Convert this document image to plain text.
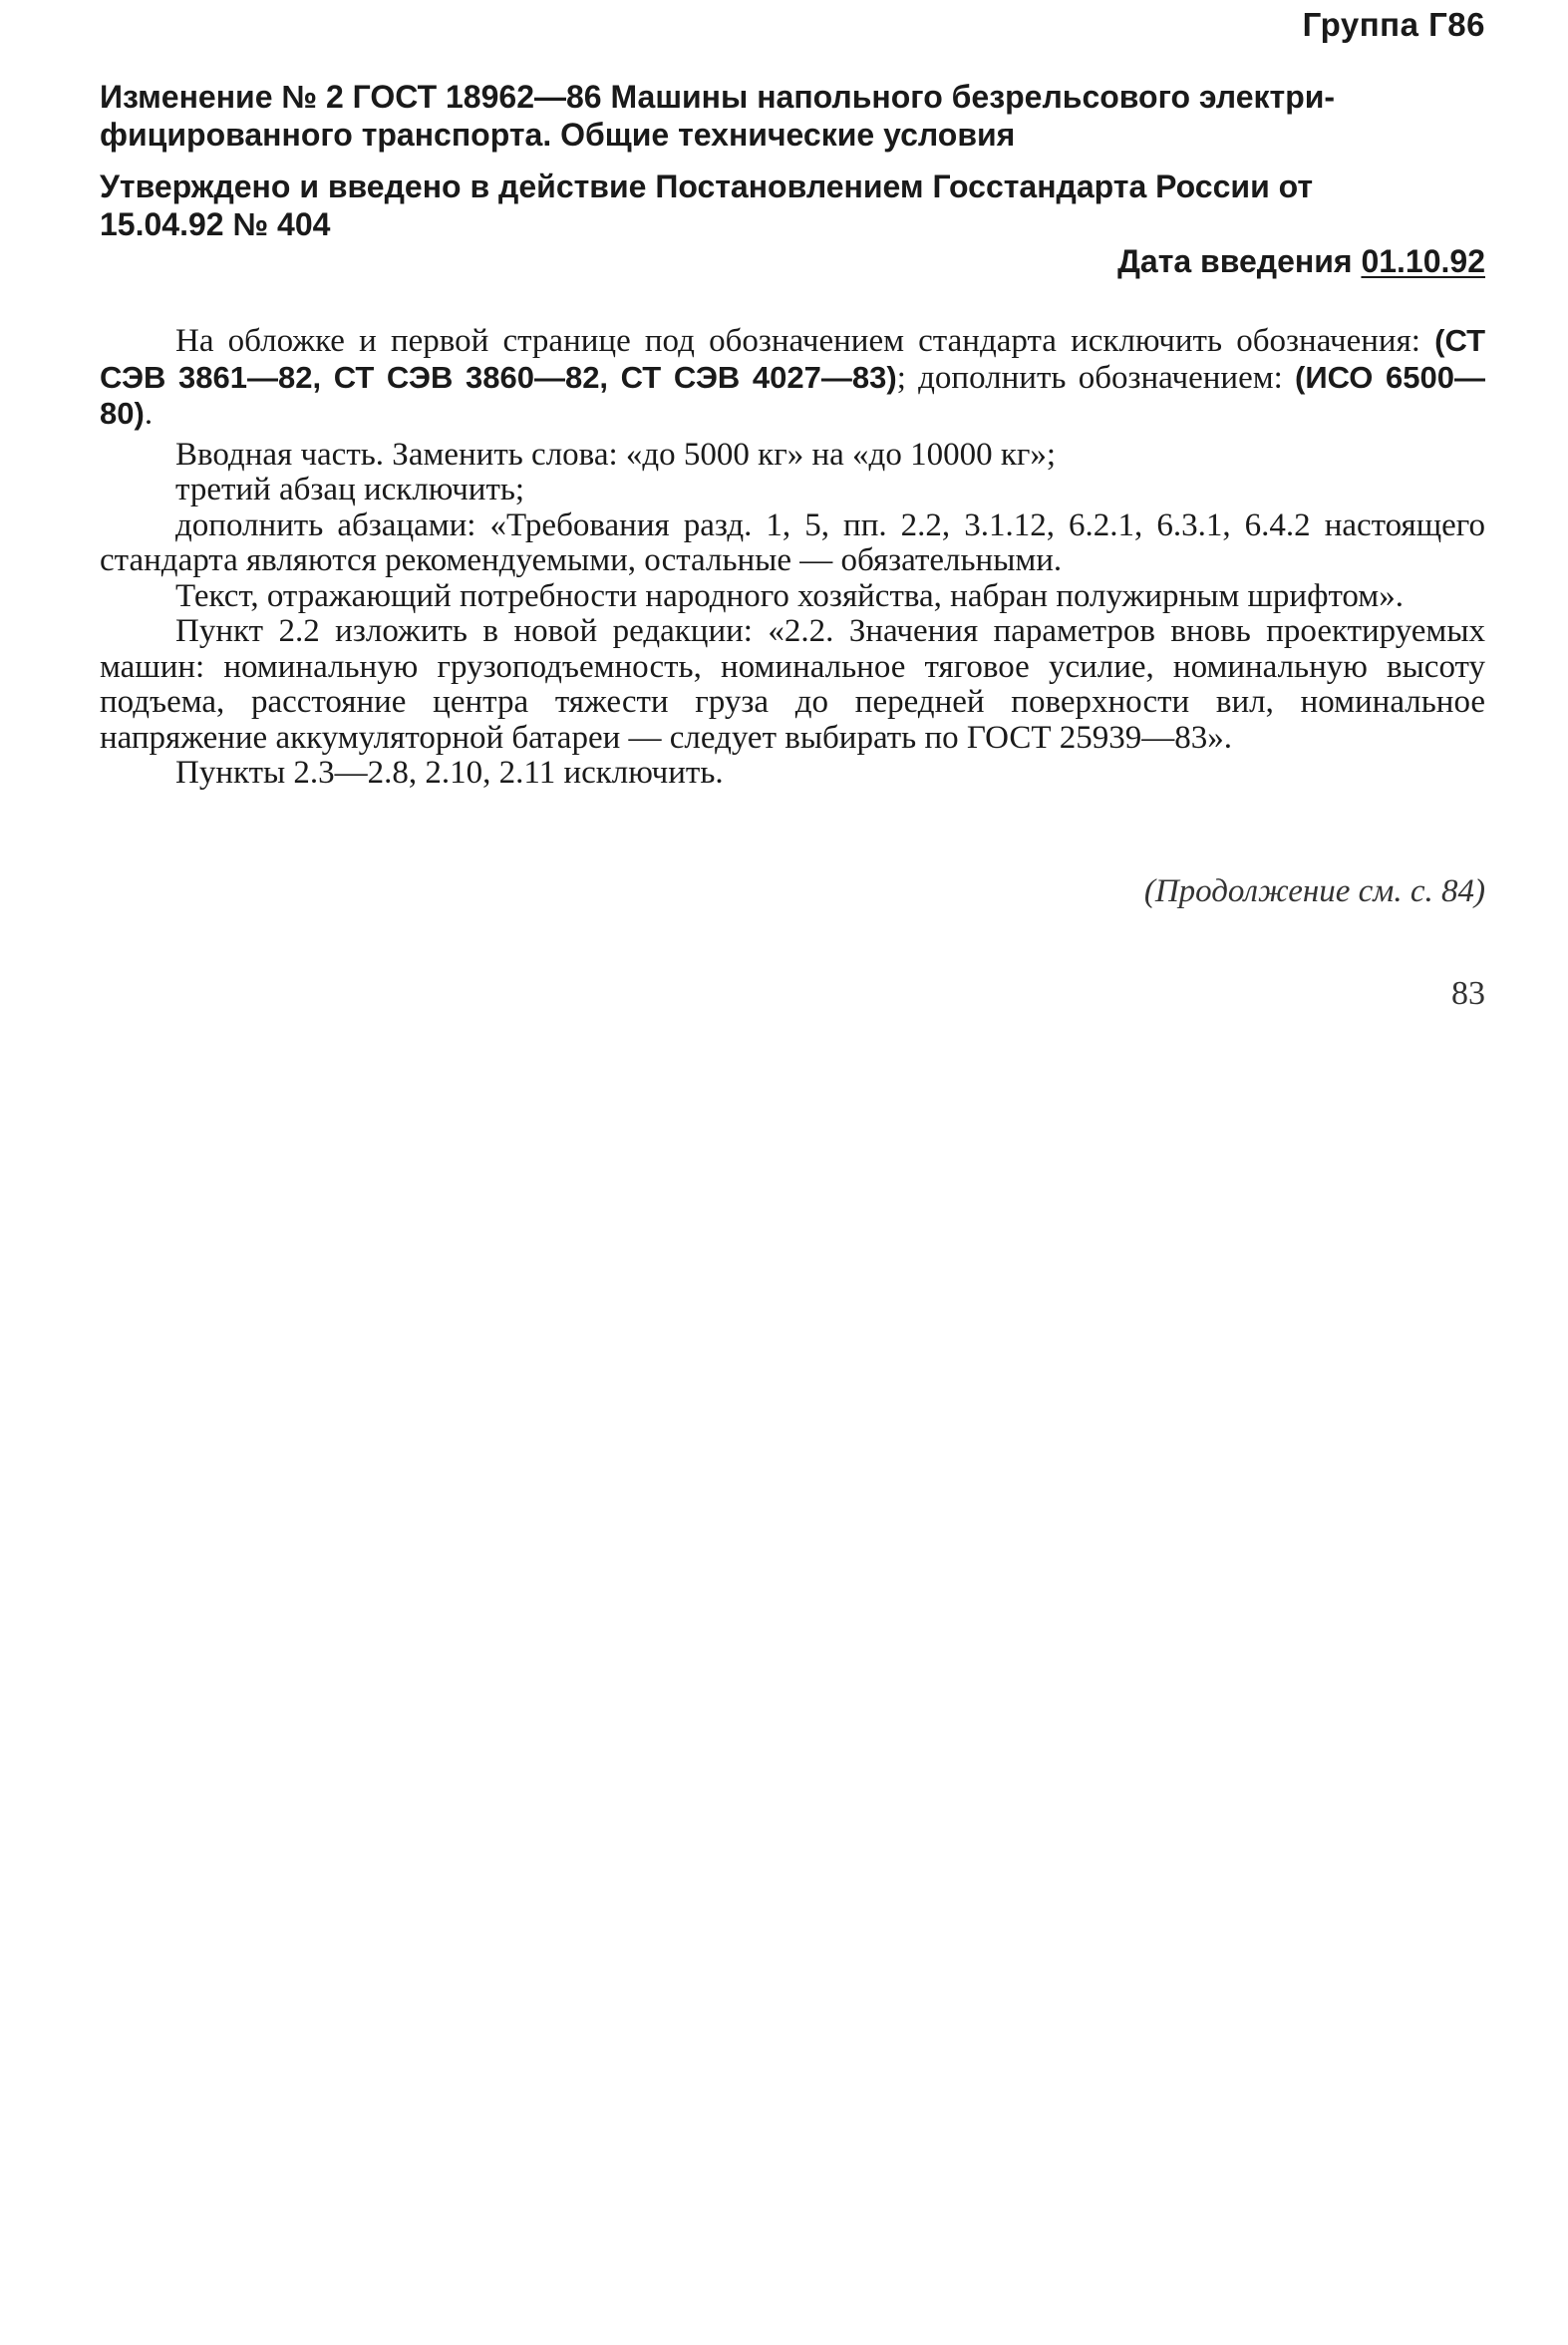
Группа Г86
Изменение № 2 ГОСТ 18962—86 Машины напольного безрельсового электри-
фицированного транспорта. Общие технические условия
Утверждено и введено в действие Постановлением Госстандарта России от
15.04.92 № 404
Дата введения 01.10.92

На обложке и первой странице под обозначением стандарта исключить обозначения: (СТ СЭВ 3861—82, СТ СЭВ 3860—82, СТ СЭВ 4027—83); дополнить обозначением: (ИСО 6500—80).

Вводная часть. Заменить слова: «до 5000 кг» на «до 10000 кг»;

третий абзац исключить;

дополнить абзацами: «Требования разд. 1, 5, пп. 2.2, 3.1.12, 6.2.1, 6.3.1, 6.4.2 настоящего стандарта являются рекомендуемыми, остальные — обязательными.

Текст, отражающий потребности народного хозяйства, набран полужирным шрифтом».

Пункт 2.2 изложить в новой редакции: «2.2. Значения параметров вновь проектируемых машин: номинальную грузоподъемность, номинальное тяговое усилие, номинальную высоту подъема, расстояние центра тяжести груза до передней поверхности вил, номинальное напряжение аккумуляторной батареи — следует выбирать по ГОСТ 25939—83».

Пункты 2.3—2.8, 2.10, 2.11 исключить.

(Продолжение см. с. 84)
83
